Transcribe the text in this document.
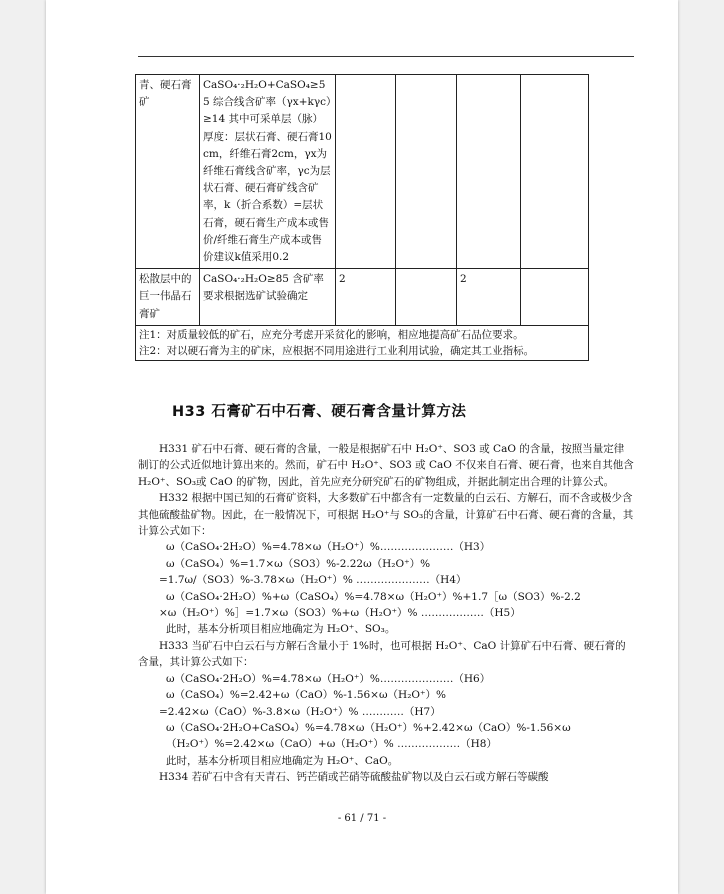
青、硬石膏矿	CaSO₄·₂H₂O+CaSO₄≥55 综合线含矿率（γx+kγc）≥14 其中可采单层（脉）厚度：层状石膏、硬石膏10cm，纤维石膏2cm，γx为纤维石膏线含矿率，γc为层状石膏、硬石膏矿线含矿率，k（折合系数）=层状石膏，硬石膏生产成本或售价/纤维石膏生产成本或售价建议k值采用0.2				
松散层中的巨一伟晶石膏矿	CaSO₄·₂H₂O≥85 含矿率要求根据选矿试验确定	2		2	

注1：对质量较低的矿石，应充分考虑开采贫化的影响，相应地提高矿石品位要求。
注2：对以硬石膏为主的矿床，应根据不同用途进行工业利用试验，确定其工业指标。					
H33 石膏矿石中石膏、硬石膏含量计算方法

H331 矿石中石膏、硬石膏的含量，一般是根据矿石中 H₂O⁺、SO3 或 CaO 的含量，按照当量定律制订的公式近似地计算出来的。然而，矿石中 H₂O⁺、SO3 或 CaO 不仅来自石膏、硬石膏，也来自其他含 H₂O⁺、SO₃或 CaO 的矿物，因此，首先应充分研究矿石的矿物组成，并据此制定出合理的计算公式。

H332 根据中国已知的石膏矿资料，大多数矿石中都含有一定数量的白云石、方解石，而不含或极少含其他硫酸盐矿物。因此，在一般情况下，可根据 H₂O⁺与 SO₃的含量，计算矿石中石膏、硬石膏的含量，其计算公式如下：

ω（CaSO₄·2H₂O）%=4.78×ω（H₂O⁺）%…………………（H3）

ω（CaSO₄）%=1.7×ω（SO3）%-2.22ω（H₂O⁺）%

=1.7ω/（SO3）%-3.78×ω（H₂O⁺）% …………………（H4）

ω（CaSO₄·2H₂O）%+ω（CaSO₄）%=4.78×ω（H₂O⁺）%+1.7［ω（SO3）%-2.2

×ω（H₂O⁺）%］=1.7×ω（SO3）%+ω（H₂O⁺）% ………………（H5）

此时，基本分析项目相应地确定为 H₂O⁺、SO₃。

H333 当矿石中白云石与方解石含量小于 1%时，也可根据 H₂O⁺、CaO 计算矿石中石膏、硬石膏的含量，其计算公式如下：

ω（CaSO₄·2H₂O）%=4.78×ω（H₂O⁺）%…………………（H6）

ω（CaSO₄）%=2.42+ω（CaO）%-1.56×ω（H₂O⁺）%

=2.42×ω（CaO）%-3.8×ω（H₂O⁺）% …………（H7）

ω（CaSO₄·2H₂O+CaSO₄）%=4.78×ω（H₂O⁺）%+2.42×ω（CaO）%-1.56×ω

（H₂O⁺）%=2.42×ω（CaO）+ω（H₂O⁺）% ………………（H8）

此时，基本分析项目相应地确定为 H₂O⁺、CaO。

H334 若矿石中含有天青石、钙芒硝或芒硝等硫酸盐矿物以及白云石或方解石等碳酸

- 61 / 71 -
